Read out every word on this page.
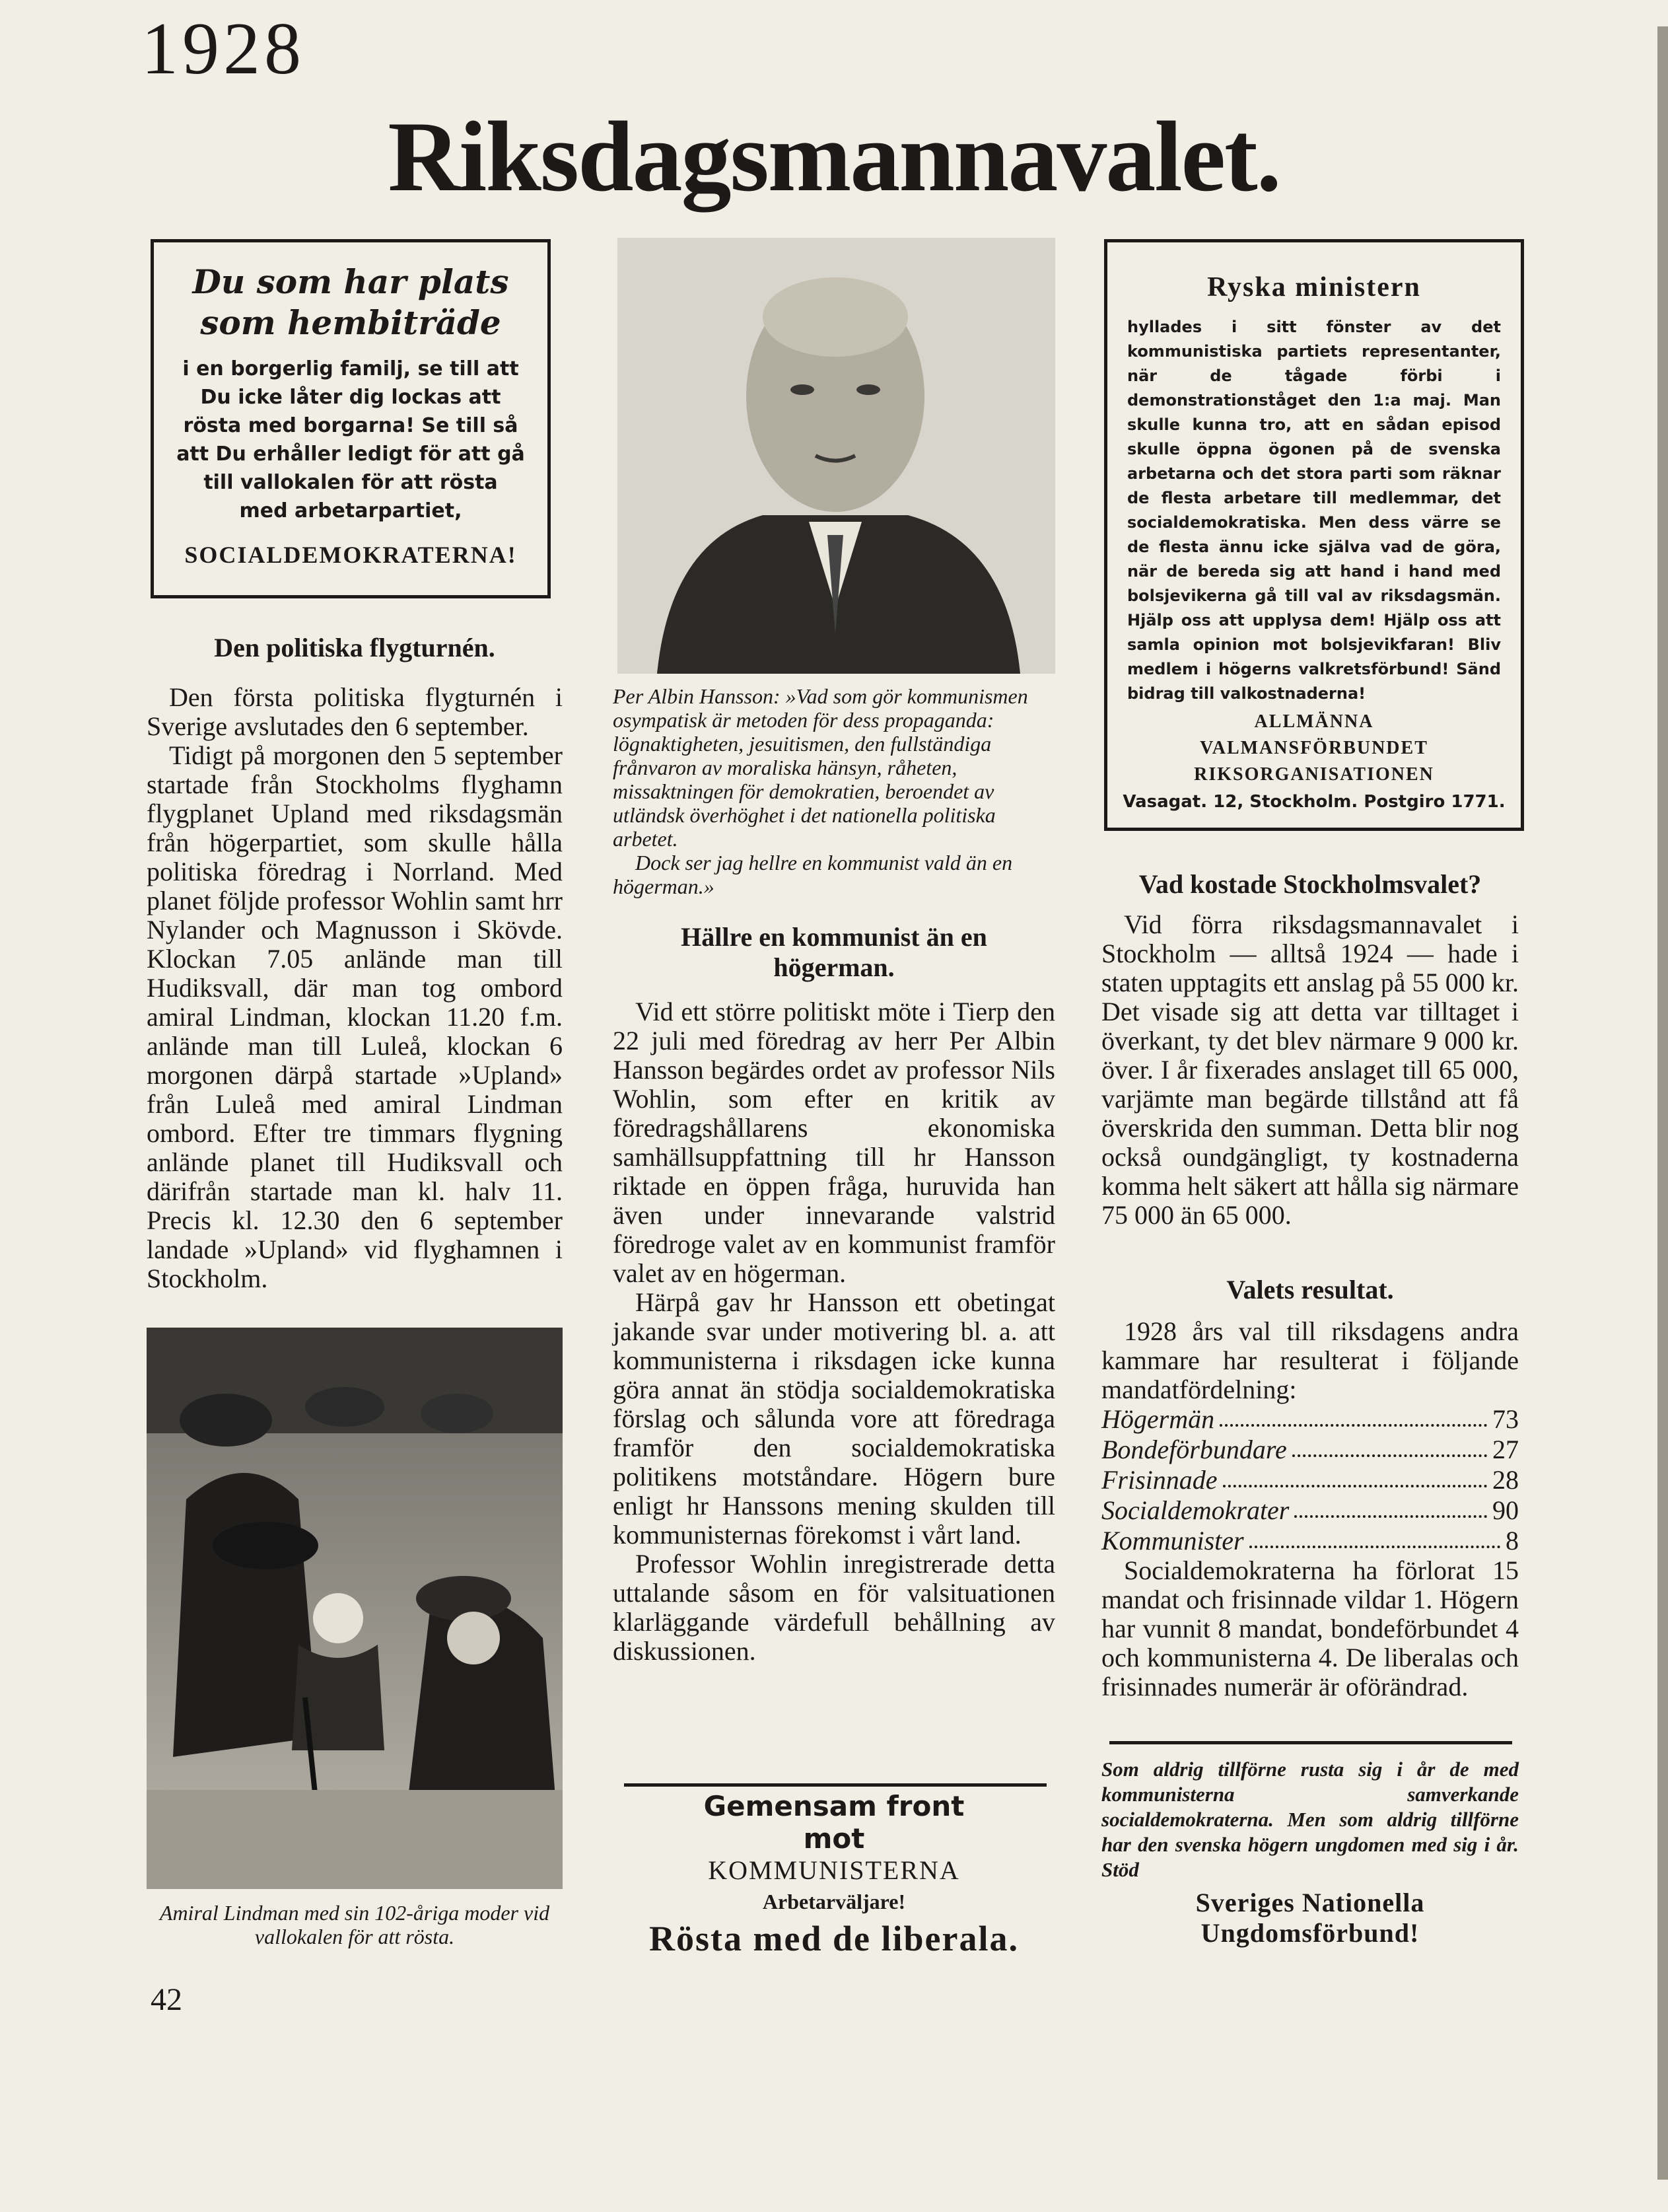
1928
Riksdagsmannavalet.
Du som har plats
som hembiträde
i en borgerlig familj, se till att Du icke låter dig lockas att rösta med borgarna! Se till så att Du erhåller ledigt för att gå till vallokalen för att rösta med arbetarpartiet,
SOCIALDEMOKRATERNA!
Den politiska flygturnén.

Den första politiska flygturnén i Sverige avslutades den 6 september.

Tidigt på morgonen den 5 september startade från Stockholms flyghamn flygplanet Upland med riksdagsmän från högerpartiet, som skulle hålla politiska föredrag i Norrland. Med planet följde professor Wohlin samt hrr Nylander och Magnusson i Skövde. Klockan 7.05 anlände man till Hudiksvall, där man tog ombord amiral Lindman, klockan 11.20 f.m. anlände man till Luleå, klockan 6 morgonen därpå startade »Upland» från Luleå med amiral Lindman ombord. Efter tre timmars flygning anlände planet till Hudiksvall och därifrån startade man kl. halv 11. Precis kl. 12.30 den 6 september landade »Upland» vid flyghamnen i Stockholm.

Amiral Lindman med sin 102-åriga moder vid vallokalen för att rösta.
Per Albin Hansson: »Vad som gör kommunismen osympatisk är metoden för dess propaganda: lögnaktigheten, jesuitismen, den fullständiga frånvaron av moraliska hänsyn, råheten, missaktningen för demokratien, beroendet av utländsk överhöghet i det nationella politiska arbetet.
Dock ser jag hellre en kommunist vald än en högerman.»
Hällre en kommunist än en högerman.

Vid ett större politiskt möte i Tierp den 22 juli med föredrag av herr Per Albin Hansson begärdes ordet av professor Nils Wohlin, som efter en kritik av föredragshållarens ekonomiska samhällsuppfattning till hr Hansson riktade en öppen fråga, huruvida han även under innevarande valstrid föredroge valet av en kommunist framför valet av en högerman.

Härpå gav hr Hansson ett obetingat jakande svar under motivering bl. a. att kommunisterna i riksdagen icke kunna göra annat än stödja socialdemokratiska förslag och sålunda vore att föredraga framför den socialdemokratiska politikens motståndare. Högern bure enligt hr Hanssons mening skulden till kommunisternas förekomst i vårt land.

Professor Wohlin inregistrerade detta uttalande såsom en för valsituationen klarläggande värdefull behållning av diskussionen.

Gemensam front
mot
KOMMUNISTERNA
Arbetarväljare!
Rösta med de liberala.
Ryska ministern
hyllades i sitt fönster av det kommunistiska partiets representanter, när de tågade förbi i demonstrationståget den 1:a maj. Man skulle kunna tro, att en sådan episod skulle öppna ögonen på de svenska arbetarna och det stora parti som räknar de flesta arbetare till medlemmar, det socialdemokratiska. Men dess värre se de flesta ännu icke själva vad de göra, när de bereda sig att hand i hand med bolsjevikerna gå till val av riksdagsmän. Hjälp oss att upplysa dem! Hjälp oss att samla opinion mot bolsjevikfaran! Bliv medlem i högerns valkretsförbund! Sänd bidrag till valkostnaderna!
ALLMÄNNA
VALMANSFÖRBUNDET
RIKSORGANISATIONEN
Vasagat. 12, Stockholm. Postgiro 1771.
Vad kostade Stockholmsvalet?

Vid förra riksdagsmannavalet i Stockholm — alltså 1924 — hade i staten upptagits ett anslag på 55 000 kr. Det visade sig att detta var tilltaget i överkant, ty det blev närmare 9 000 kr. över. I år fixerades anslaget till 65 000, varjämte man begärde tillstånd att få överskrida den summan. Detta blir nog också oundgängligt, ty kostnaderna komma helt säkert att hålla sig närmare 75 000 än 65 000.

Valets resultat.

1928 års val till riksdagens andra kammare har resulterat i följande mandatfördelning:

Högermän	73
Bondeförbundare	27
Frisinnade	28
Socialdemokrater	90
Kommunister	8

Socialdemokraterna ha förlorat 15 mandat och frisinnade vildar 1. Högern har vunnit 8 mandat, bondeförbundet 4 och kommunisterna 4. De liberalas och frisinnades numerär är oförändrad.

Som aldrig tillförne rusta sig i år de med kommunisterna samverkande socialdemokraterna. Men som aldrig tillförne har den svenska högern ungdomen med sig i år. Stöd
Sveriges Nationella
Ungdomsförbund!
42
